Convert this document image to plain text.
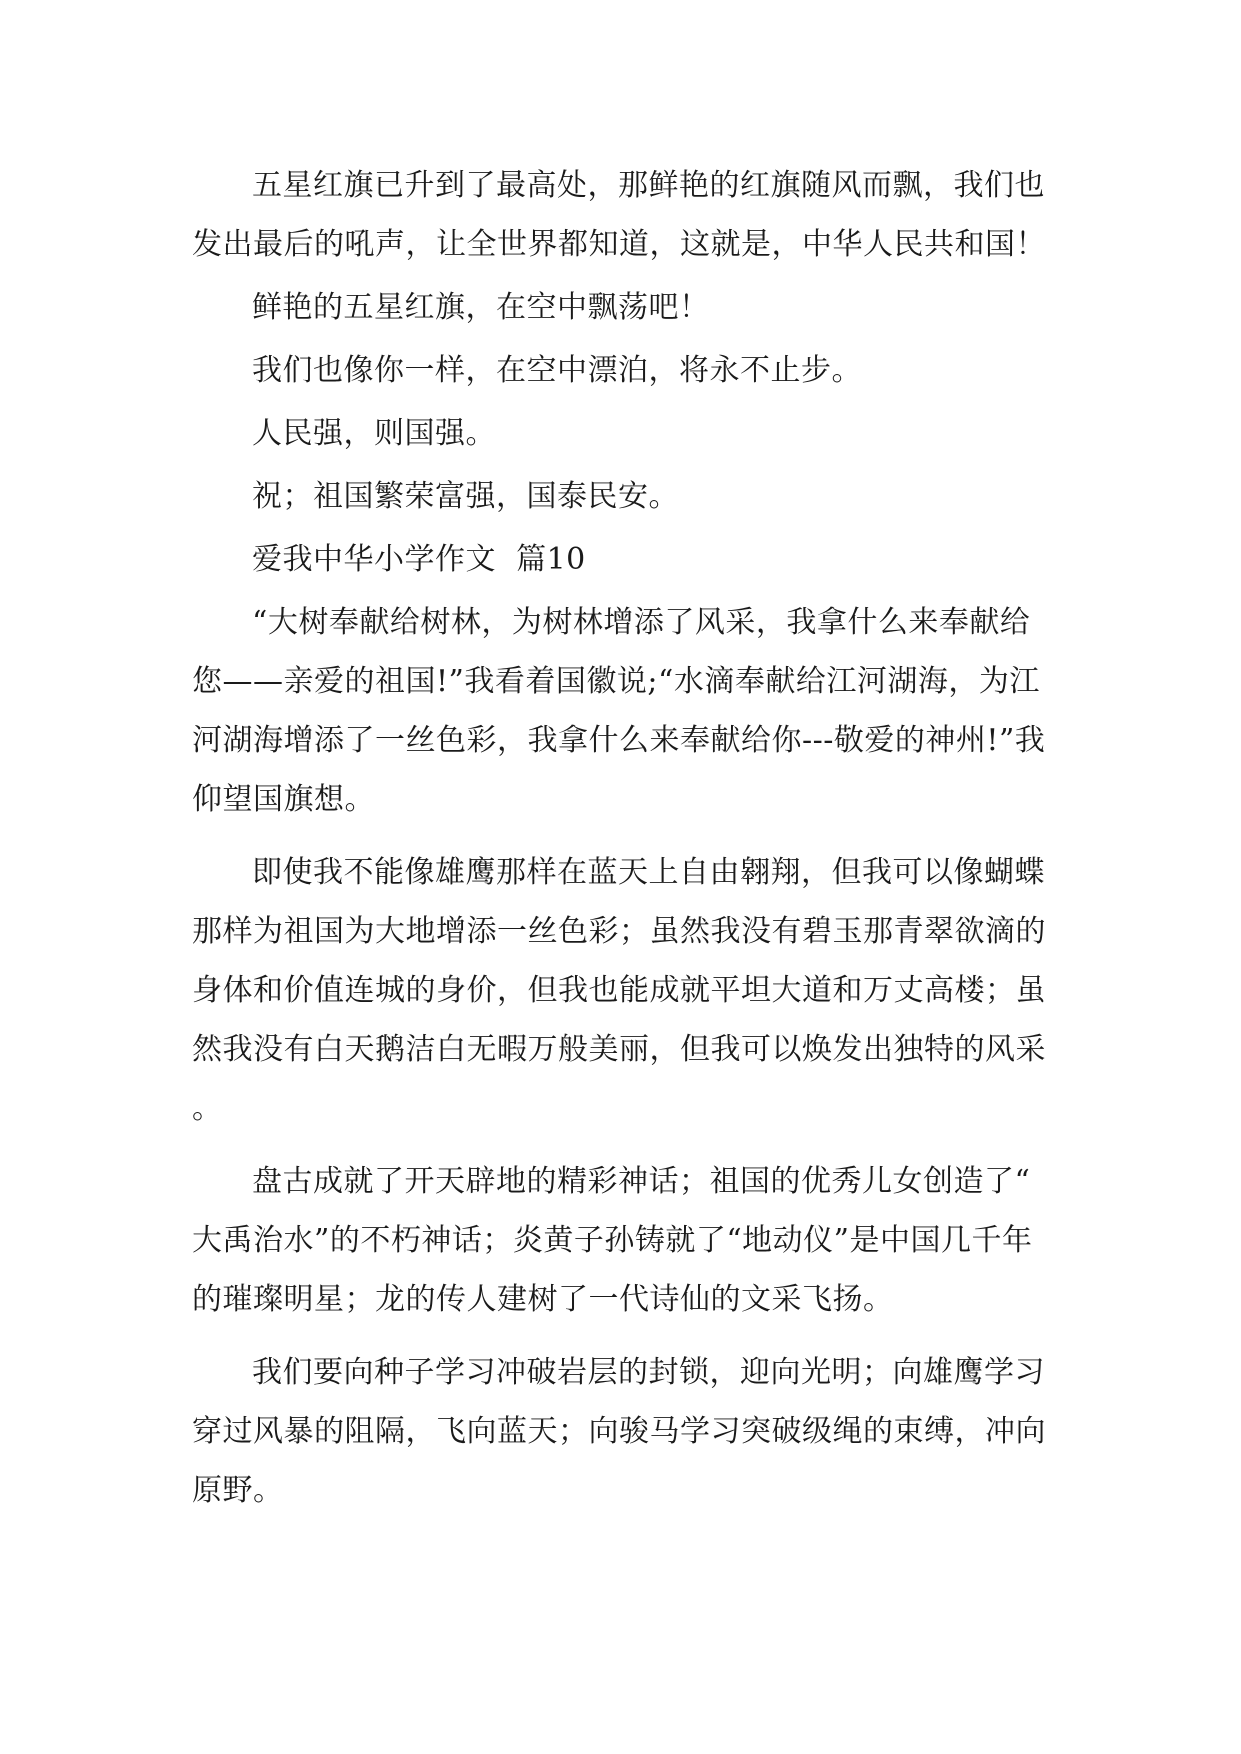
五星红旗已升到了最高处，那鲜艳的红旗随风而飘，我们也发出最后的吼声，让全世界都知道，这就是，中华人民共和国！

鲜艳的五星红旗，在空中飘荡吧！

我们也像你一样，在空中漂泊，将永不止步。

人民强，则国强。

祝；祖国繁荣富强，国泰民安。

爱我中华小学作文  篇10

“大树奉献给树林，为树林增添了风采，我拿什么来奉献给您——亲爱的祖国!”我看着国徽说;“水滴奉献给江河湖海，为江河湖海增添了一丝色彩，我拿什么来奉献给你---敬爱的神州!”我仰望国旗想。

即使我不能像雄鹰那样在蓝天上自由翱翔，但我可以像蝴蝶那样为祖国为大地增添一丝色彩；虽然我没有碧玉那青翠欲滴的身体和价值连城的身价，但我也能成就平坦大道和万丈高楼；虽然我没有白天鹅洁白无暇万般美丽，但我可以焕发出独特的风采。

盘古成就了开天辟地的精彩神话；祖国的优秀儿女创造了“大禹治水”的不朽神话；炎黄子孙铸就了“地动仪”是中国几千年的璀璨明星；龙的传人建树了一代诗仙的文采飞扬。

我们要向种子学习冲破岩层的封锁，迎向光明；向雄鹰学习穿过风暴的阻隔，飞向蓝天；向骏马学习突破级绳的束缚，冲向原野。
